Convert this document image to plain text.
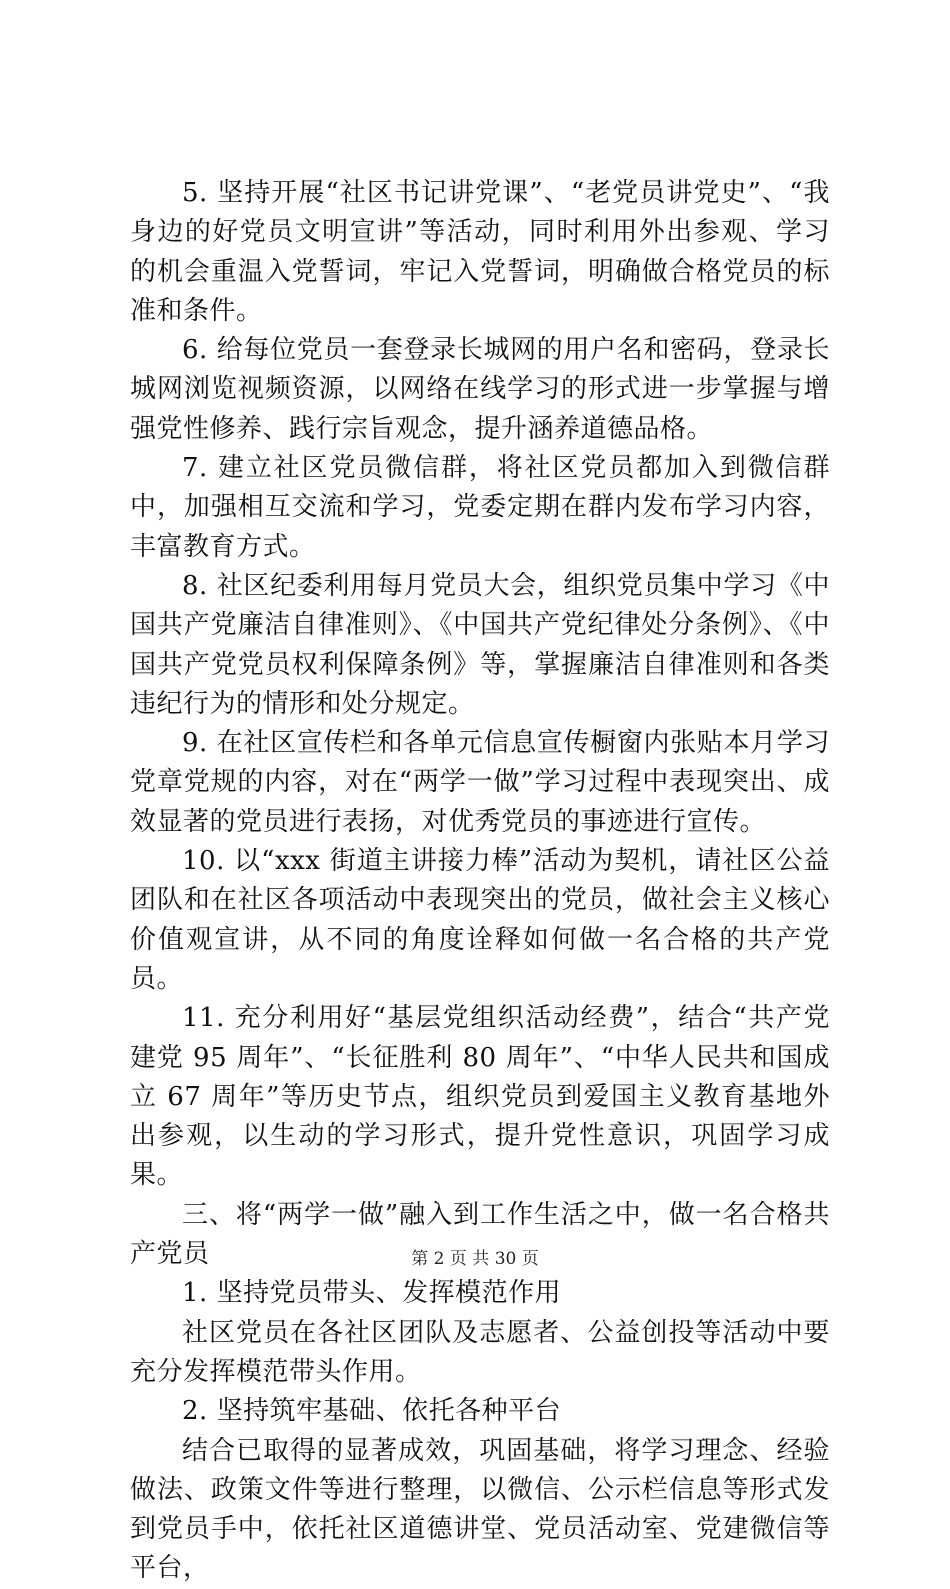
5. 坚持开展“社区书记讲党课”、“老党员讲党史”、“我身边的好党员文明宣讲”等活动，同时利用外出参观、学习的机会重温入党誓词，牢记入党誓词，明确做合格党员的标准和条件。

6. 给每位党员一套登录长城网的用户名和密码，登录长城网浏览视频资源，以网络在线学习的形式进一步掌握与增强党性修养、践行宗旨观念，提升涵养道德品格。

7. 建立社区党员微信群，将社区党员都加入到微信群中，加强相互交流和学习，党委定期在群内发布学习内容，丰富教育方式。

8. 社区纪委利用每月党员大会，组织党员集中学习《中国共产党廉洁自律准则》、《中国共产党纪律处分条例》、《中国共产党党员权利保障条例》等，掌握廉洁自律准则和各类违纪行为的情形和处分规定。

9. 在社区宣传栏和各单元信息宣传橱窗内张贴本月学习党章党规的内容，对在“两学一做”学习过程中表现突出、成效显著的党员进行表扬，对优秀党员的事迹进行宣传。

10. 以“xxx 街道主讲接力棒”活动为契机，请社区公益团队和在社区各项活动中表现突出的党员，做社会主义核心价值观宣讲，从不同的角度诠释如何做一名合格的共产党员。

11. 充分利用好“基层党组织活动经费”，结合“共产党建党 95 周年”、“长征胜利 80 周年”、“中华人民共和国成立 67 周年”等历史节点，组织党员到爱国主义教育基地外出参观，以生动的学习形式，提升党性意识，巩固学习成果。

三、将“两学一做”融入到工作生活之中，做一名合格共产党员

1. 坚持党员带头、发挥模范作用

社区党员在各社区团队及志愿者、公益创投等活动中要充分发挥模范带头作用。

2. 坚持筑牢基础、依托各种平台

结合已取得的显著成效，巩固基础，将学习理念、经验做法、政策文件等进行整理，以微信、公示栏信息等形式发到党员手中，依托社区道德讲堂、党员活动室、党建微信等平台，

第 2 页 共 30 页
